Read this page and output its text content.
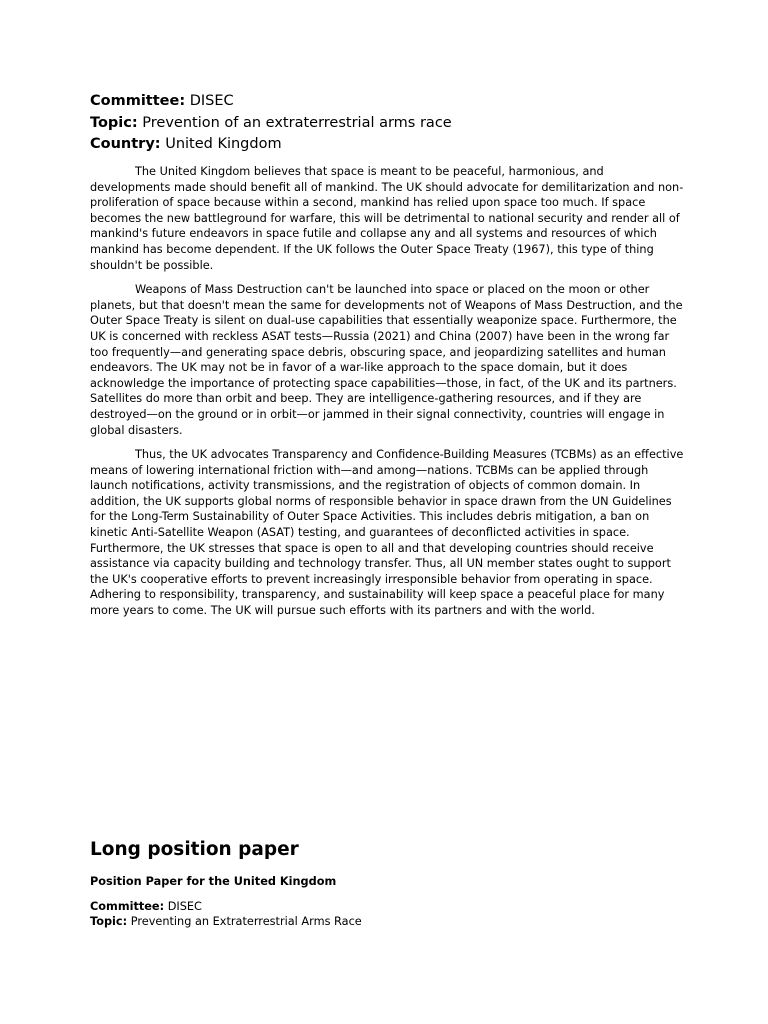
Committee: DISEC
Topic: Prevention of an extraterrestrial arms race
Country: United Kingdom

The United Kingdom believes that space is meant to be peaceful, harmonious, and developments made should benefit all of mankind. The UK should advocate for demilitarization and non-proliferation of space because within a second, mankind has relied upon space too much. If space becomes the new battleground for warfare, this will be detrimental to national security and render all of mankind's future endeavors in space futile and collapse any and all systems and resources of which mankind has become dependent. If the UK follows the Outer Space Treaty (1967), this type of thing shouldn't be possible.

Weapons of Mass Destruction can't be launched into space or placed on the moon or other planets, but that doesn't mean the same for developments not of Weapons of Mass Destruction, and the Outer Space Treaty is silent on dual-use capabilities that essentially weaponize space. Furthermore, the UK is concerned with reckless ASAT tests—Russia (2021) and China (2007) have been in the wrong far too frequently—and generating space debris, obscuring space, and jeopardizing satellites and human endeavors. The UK may not be in favor of a war-like approach to the space domain, but it does acknowledge the importance of protecting space capabilities—those, in fact, of the UK and its partners. Satellites do more than orbit and beep. They are intelligence-gathering resources, and if they are destroyed—on the ground or in orbit—or jammed in their signal connectivity, countries will engage in global disasters.

Thus, the UK advocates Transparency and Confidence-Building Measures (TCBMs) as an effective means of lowering international friction with—and among—nations. TCBMs can be applied through launch notifications, activity transmissions, and the registration of objects of common domain. In addition, the UK supports global norms of responsible behavior in space drawn from the UN Guidelines for the Long-Term Sustainability of Outer Space Activities. This includes debris mitigation, a ban on kinetic Anti-Satellite Weapon (ASAT) testing, and guarantees of deconflicted activities in space. Furthermore, the UK stresses that space is open to all and that developing countries should receive assistance via capacity building and technology transfer. Thus, all UN member states ought to support the UK's cooperative efforts to prevent increasingly irresponsible behavior from operating in space. Adhering to responsibility, transparency, and sustainability will keep space a peaceful place for many more years to come. The UK will pursue such efforts with its partners and with the world.

Long position paper
Position Paper for the United Kingdom
Committee: DISEC
Topic: Preventing an Extraterrestrial Arms Race
